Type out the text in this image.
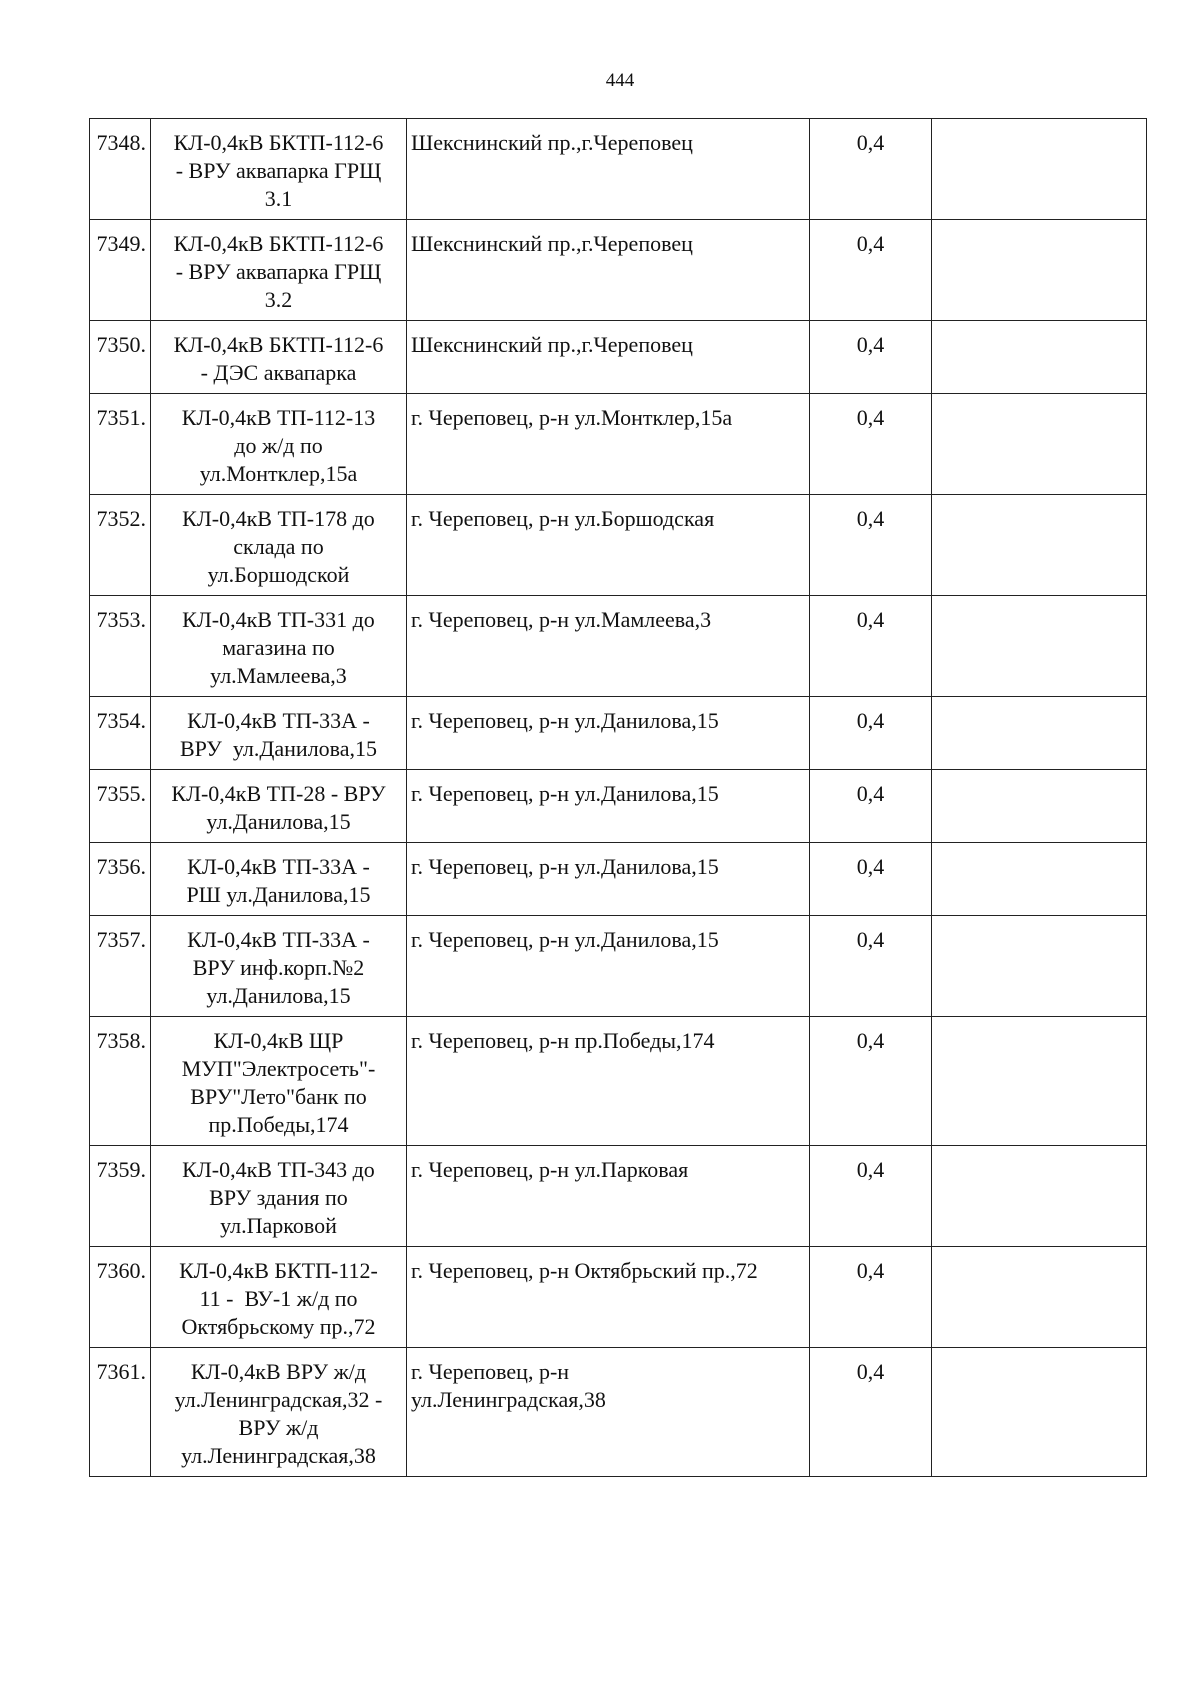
444
7348.	КЛ-0,4кВ БКТП-112-6
- ВРУ аквапарка ГРЩ
3.1	Шекснинский пр.,г.Череповец	0,4	
7349.	КЛ-0,4кВ БКТП-112-6
- ВРУ аквапарка ГРЩ
3.2	Шекснинский пр.,г.Череповец	0,4	
7350.	КЛ-0,4кВ БКТП-112-6
- ДЭС аквапарка	Шекснинский пр.,г.Череповец	0,4	
7351.	КЛ-0,4кВ ТП-112-13
до ж/д по
ул.Монтклер,15а	г. Череповец, р-н ул.Монтклер,15а	0,4	
7352.	КЛ-0,4кВ ТП-178 до
склада по
ул.Боршодской	г. Череповец, р-н ул.Боршодская	0,4	
7353.	КЛ-0,4кВ ТП-331 до
магазина по
ул.Мамлеева,3	г. Череповец, р-н ул.Мамлеева,3	0,4	
7354.	КЛ-0,4кВ ТП-33А -
ВРУ  ул.Данилова,15	г. Череповец, р-н ул.Данилова,15	0,4	
7355.	КЛ-0,4кВ ТП-28 - ВРУ
ул.Данилова,15	г. Череповец, р-н ул.Данилова,15	0,4	
7356.	КЛ-0,4кВ ТП-33А -
РШ ул.Данилова,15	г. Череповец, р-н ул.Данилова,15	0,4	
7357.	КЛ-0,4кВ ТП-33А -
ВРУ инф.корп.№2
ул.Данилова,15	г. Череповец, р-н ул.Данилова,15	0,4	
7358.	КЛ-0,4кВ ЩР
МУП"Электросеть"-
ВРУ"Лето"банк по
пр.Победы,174	г. Череповец, р-н пр.Победы,174	0,4	
7359.	КЛ-0,4кВ ТП-343 до
ВРУ здания по
ул.Парковой	г. Череповец, р-н ул.Парковая	0,4	
7360.	КЛ-0,4кВ БКТП-112-
11 -  ВУ-1 ж/д по
Октябрьскому пр.,72	г. Череповец, р-н Октябрьский пр.,72	0,4	
7361.	КЛ-0,4кВ ВРУ ж/д
ул.Ленинградская,32 -
ВРУ ж/д
ул.Ленинградская,38	г. Череповец, р-н
ул.Ленинградская,38	0,4	
